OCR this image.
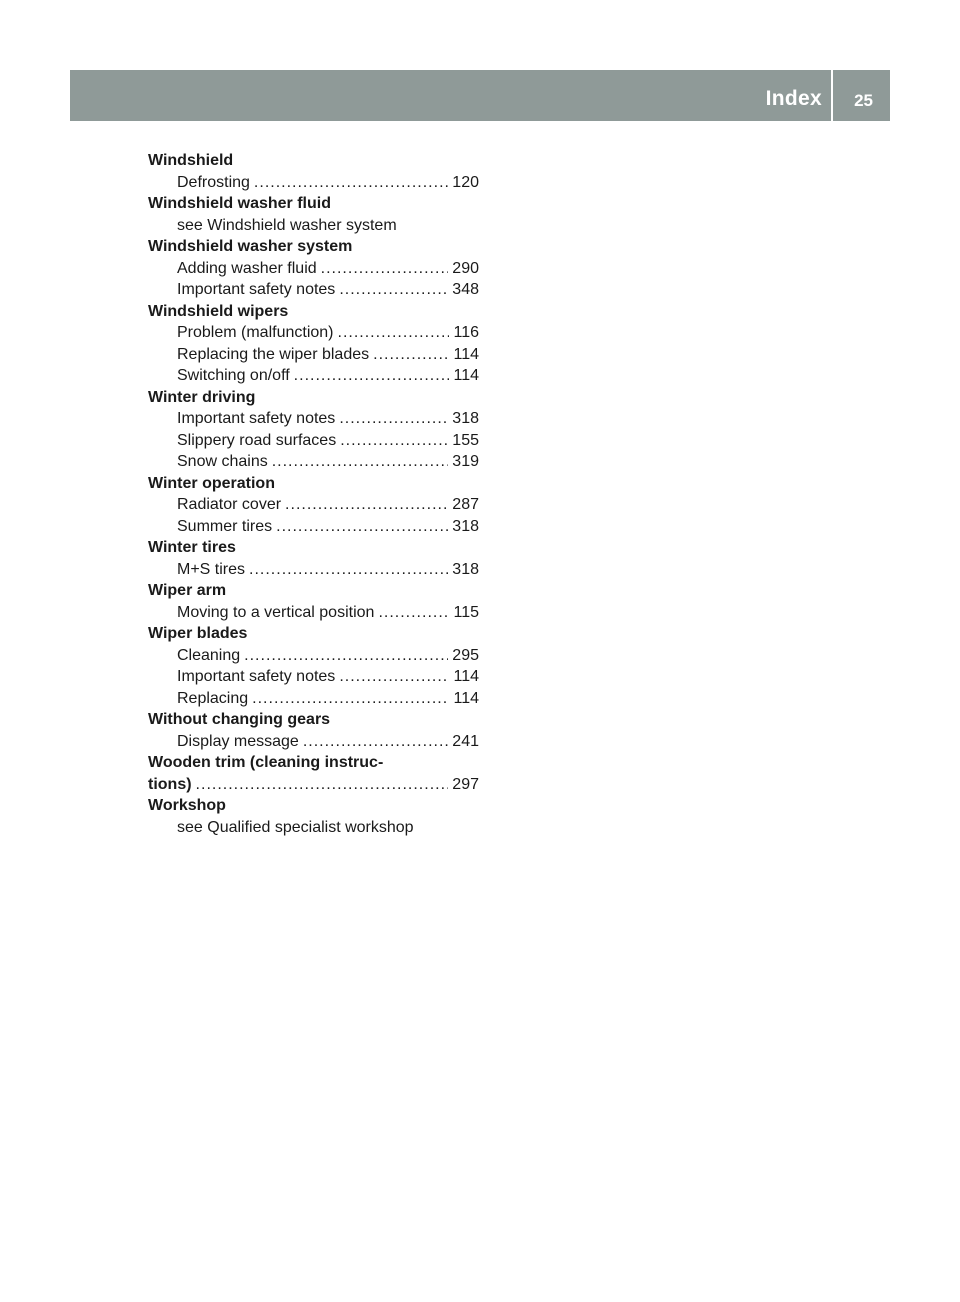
Index 25
Windshield
Defrosting .....	120
Windshield washer fluid
see Windshield washer system
Windshield washer system
Adding washer fluid .....	290
Important safety notes .....	348
Windshield wipers
Problem (malfunction) .....	116
Replacing the wiper blades .....	114
Switching on/off .....	114
Winter driving
Important safety notes .....	318
Slippery road surfaces .....	155
Snow chains .....	319
Winter operation
Radiator cover .....	287
Summer tires .....	318
Winter tires
M+S tires .....	318
Wiper arm
Moving to a vertical position .....	115
Wiper blades
Cleaning .....	295
Important safety notes .....	114
Replacing .....	114
Without changing gears
Display message .....	241
Wooden trim (cleaning instruc-
tions) .....	297
Workshop
see Qualified specialist workshop
